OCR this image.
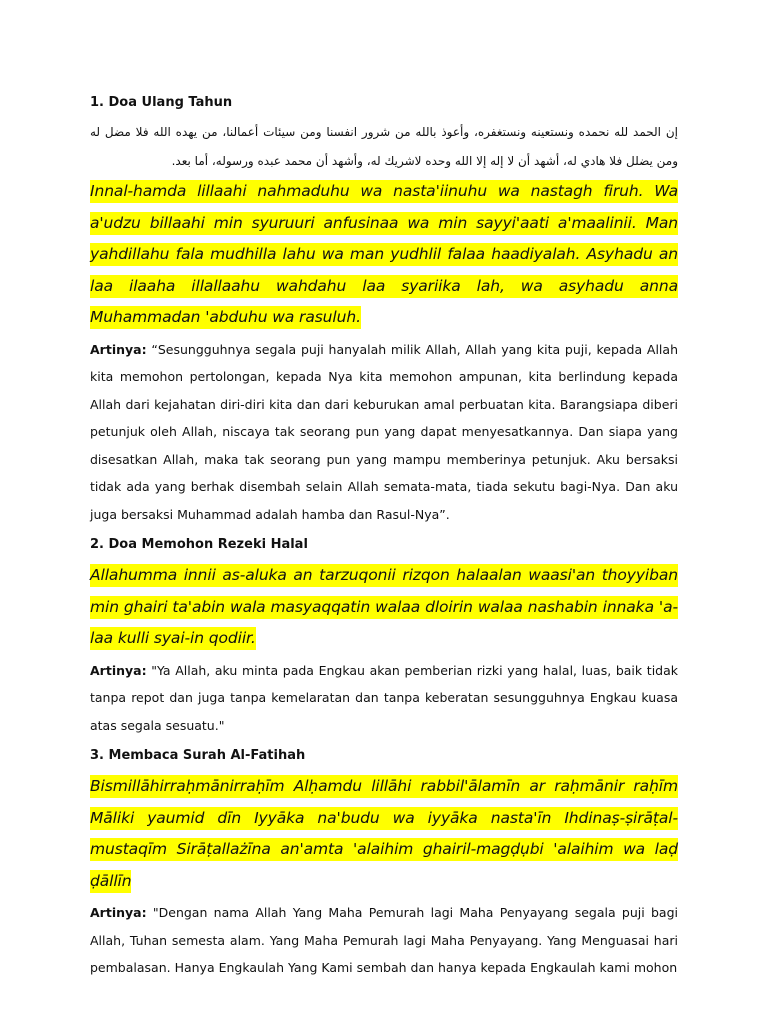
1. Doa Ulang Tahun

إن الحمد لله نحمده ونستعينه ونستغفره، وأعوذ بالله من شرور انفسنا ومن سيئات أعمالنا، من يهده الله فلا مضل له ومن يضلل فلا هادي له، أشهد أن لا إله إلا الله وحده لاشريك له، وأشهد أن محمد عبده ورسوله، أما بعد.

Innal-hamda lillaahi nahmaduhu wa nasta'iinuhu wa nastagh firuh. Wa a'udzu billaahi min syuruuri anfusinaa wa min sayyi'aati a'maalinii. Man yahdillahu fala mudhilla lahu wa man yudhlil falaa haadiyalah. Asyhadu an laa ilaaha illallaahu wahdahu laa syariika lah, wa asyhadu anna Muhammadan 'abduhu wa rasuluh.

Artinya: “Sesungguhnya segala puji hanyalah milik Allah, Allah yang kita puji, kepada Allah kita memohon pertolongan, kepada Nya kita memohon ampunan, kita berlindung kepada Allah dari kejahatan diri-diri kita dan dari keburukan amal perbuatan kita. Barangsiapa diberi petunjuk oleh Allah, niscaya tak seorang pun yang dapat menyesatkannya. Dan siapa yang disesatkan Allah, maka tak seorang pun yang mampu memberinya petunjuk. Aku bersaksi tidak ada yang berhak disembah selain Allah semata-mata, tiada sekutu bagi-Nya. Dan aku juga bersaksi Muhammad adalah hamba dan Rasul-Nya”.

2. Doa Memohon Rezeki Halal

Allahumma innii as-aluka an tarzuqonii rizqon halaalan waasi'an thoyyiban min ghairi ta'abin wala masyaqqatin walaa dloirin walaa nashabin innaka 'a-laa kulli syai-in qodiir.

Artinya: "Ya Allah, aku minta pada Engkau akan pemberian rizki yang halal, luas, baik tidak tanpa repot dan juga tanpa kemelaratan dan tanpa keberatan sesungguhnya Engkau kuasa atas segala sesuatu."

3. Membaca Surah Al-Fatihah

Bismillāhirraḥmānirraḥīm Alḥamdu lillāhi rabbil'ālamīn ar raḥmānir raḥīm Māliki yaumid dīn Iyyāka na'budu wa iyyāka nasta'īn Ihdinaṣ-ṣirāṭal-mustaqīm Sirāṭallażīna an'amta 'alaihim ghairil-magḍụbi 'alaihim wa laḍ ḍāllīn

Artinya: "Dengan nama Allah Yang Maha Pemurah lagi Maha Penyayang segala puji bagi Allah, Tuhan semesta alam. Yang Maha Pemurah lagi Maha Penyayang. Yang Menguasai hari pembalasan. Hanya Engkaulah Yang Kami sembah dan hanya kepada Engkaulah kami mohon
